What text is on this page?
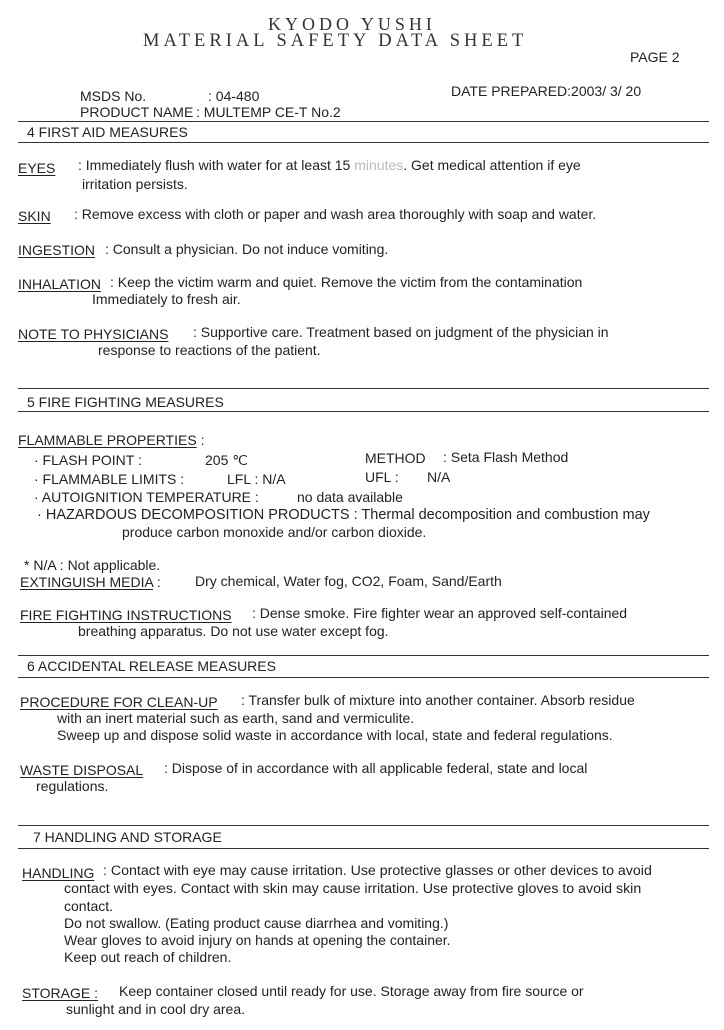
KYODO YUSHI
MATERIAL SAFETY DATA SHEET
PAGE 2
MSDS No.	: 04-480	DATE PREPARED:2003/ 3/ 20
PRODUCT NAME : MULTEMP CE-T No.2
4 FIRST AID MEASURES
EYES : Immediately flush with water for at least 15 minutes. Get medical attention if eye
irritation persists.
SKIN : Remove excess with cloth or paper and wash area thoroughly with soap and water.
INGESTION : Consult a physician. Do not induce vomiting.
INHALATION : Keep the victim warm and quiet. Remove the victim from the contamination
Immediately to fresh air.
NOTE TO PHYSICIANS : Supportive care. Treatment based on judgment of the physician in
response to reactions of the patient.
5 FIRE FIGHTING MEASURES
FLAMMABLE PROPERTIES :
· FLASH POINT :	205 ℃	METHOD : Seta Flash Method
· FLAMMABLE LIMITS :	LFL : N/A	UFL : N/A
· AUTOIGNITION TEMPERATURE :	no data available
· HAZARDOUS DECOMPOSITION PRODUCTS : Thermal decomposition and combustion may
produce carbon monoxide and/or carbon dioxide.
* N/A : Not applicable.
EXTINGUISH MEDIA : Dry chemical, Water fog, CO2, Foam, Sand/Earth
FIRE FIGHTING INSTRUCTIONS : Dense smoke. Fire fighter wear an approved self-contained
breathing apparatus. Do not use water except fog.
6 ACCIDENTAL RELEASE MEASURES
PROCEDURE FOR CLEAN-UP : Transfer bulk of mixture into another container. Absorb residue
with an inert material such as earth, sand and vermiculite.
Sweep up and dispose solid waste in accordance with local, state and federal regulations.
WASTE DISPOSAL : Dispose of in accordance with all applicable federal, state and local
regulations.
7 HANDLING AND STORAGE
HANDLING : Contact with eye may cause irritation. Use protective glasses or other devices to avoid
contact with eyes. Contact with skin may cause irritation. Use protective gloves to avoid skin
contact.
Do not swallow. (Eating product cause diarrhea and vomiting.)
Wear gloves to avoid injury on hands at opening the container.
Keep out reach of children.
STORAGE : Keep container closed until ready for use. Storage away from fire source or
sunlight and in cool dry area.
